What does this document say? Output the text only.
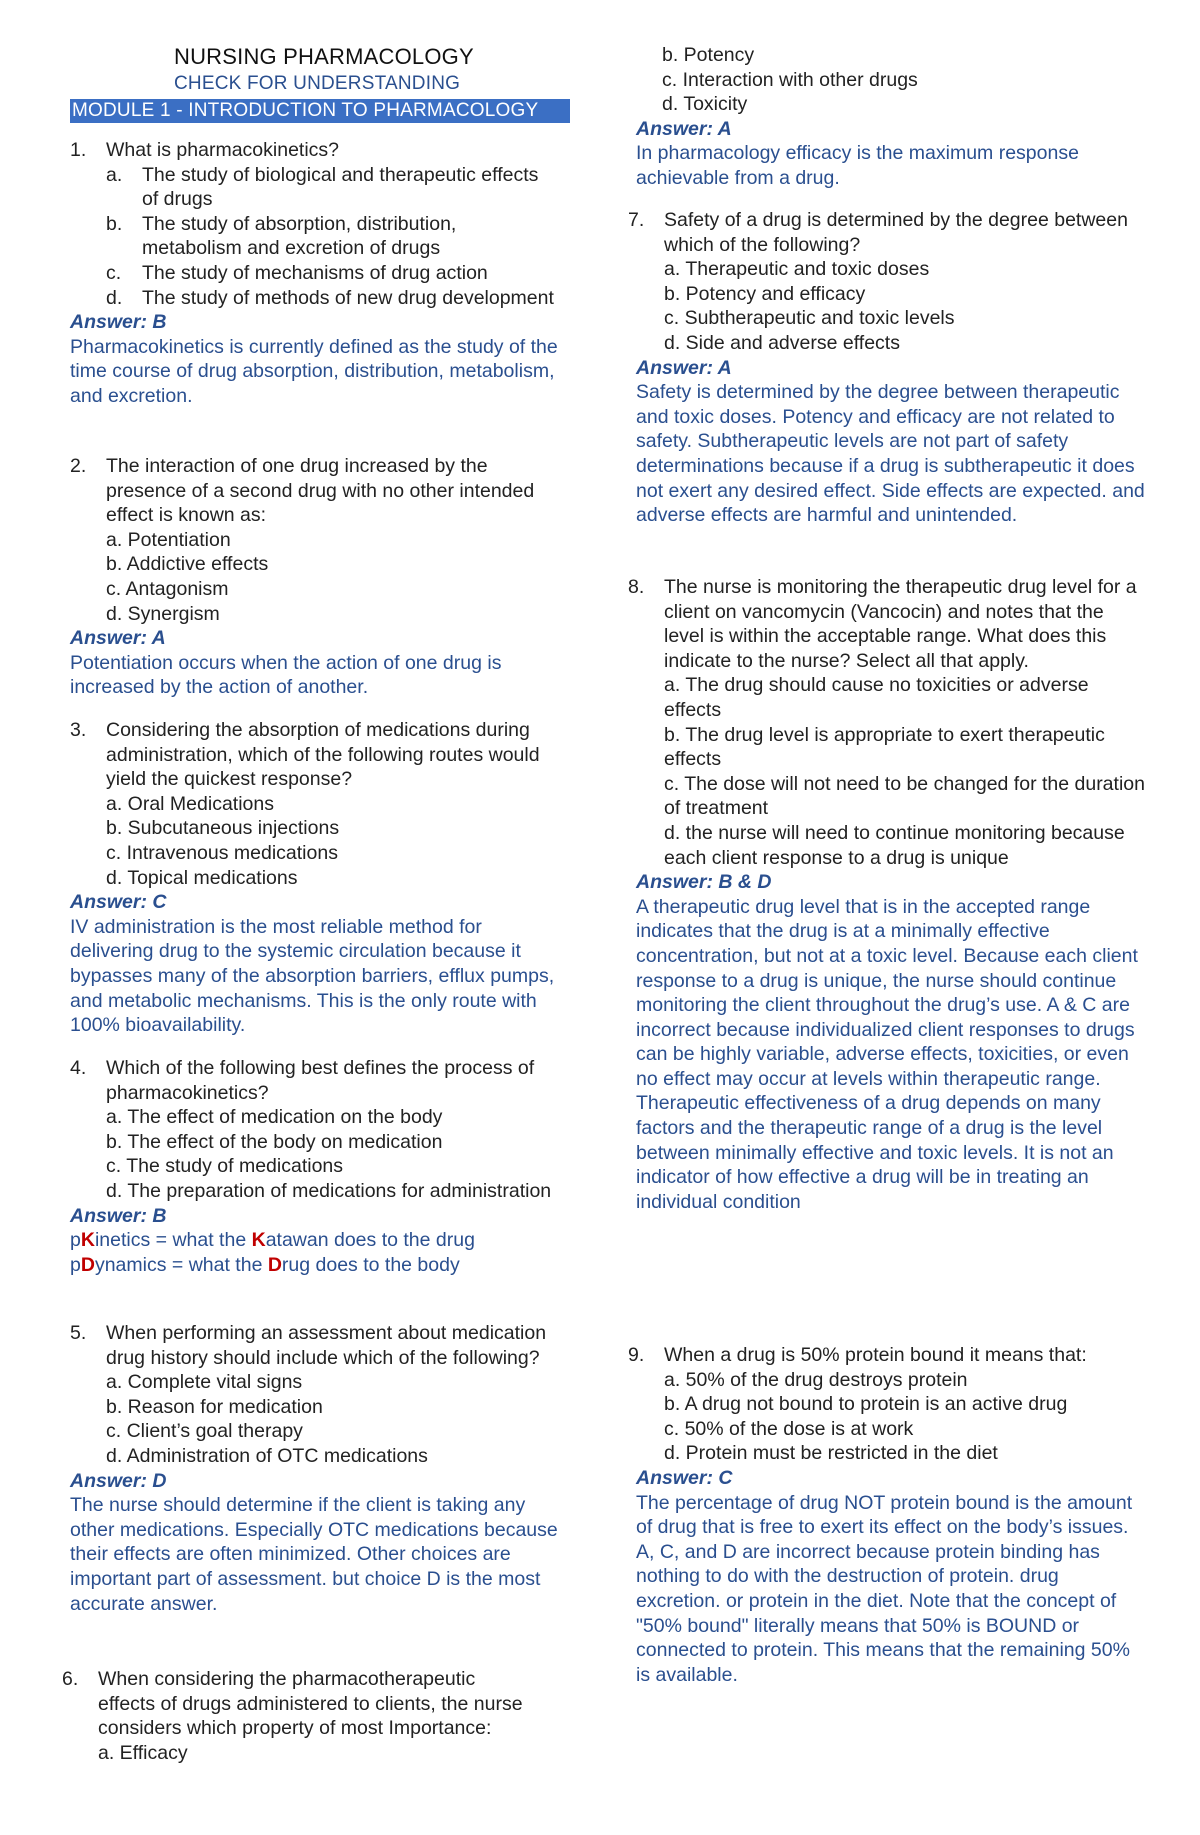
NURSING PHARMACOLOGY
CHECK FOR UNDERSTANDING
MODULE 1 - INTRODUCTION TO PHARMACOLOGY
1. What is pharmacokinetics?
a. The study of biological and therapeutic effects of drugs
b. The study of absorption, distribution, metabolism and excretion of drugs
c. The study of mechanisms of drug action
d. The study of methods of new drug development
Answer: B
Pharmacokinetics is currently defined as the study of the time course of drug absorption, distribution, metabolism, and excretion.
2. The interaction of one drug increased by the presence of a second drug with no other intended effect is known as:
a. Potentiation
b. Addictive effects
c. Antagonism
d. Synergism
Answer: A
Potentiation occurs when the action of one drug is increased by the action of another.
3. Considering the absorption of medications during administration, which of the following routes would yield the quickest response?
a. Oral Medications
b. Subcutaneous injections
c. Intravenous medications
d. Topical medications
Answer: C
IV administration is the most reliable method for delivering drug to the systemic circulation because it bypasses many of the absorption barriers, efflux pumps, and metabolic mechanisms. This is the only route with 100% bioavailability.
4. Which of the following best defines the process of pharmacokinetics?
a. The effect of medication on the body
b. The effect of the body on medication
c. The study of medications
d. The preparation of medications for administration
Answer: B
pKinetics = what the Katawan does to the drug
pDynamics = what the Drug does to the body
5. When performing an assessment about medication drug history should include which of the following?
a. Complete vital signs
b. Reason for medication
c. Client’s goal therapy
d. Administration of OTC medications
Answer: D
The nurse should determine if the client is taking any other medications. Especially OTC medications because their effects are often minimized. Other choices are important part of assessment. but choice D is the most accurate answer.
6. When considering the pharmacotherapeutic effects of drugs administered to clients, the nurse considers which property of most Importance:
a. Efficacy
b. Potency
c. Interaction with other drugs
d. Toxicity
Answer: A
In pharmacology efficacy is the maximum response achievable from a drug.
7. Safety of a drug is determined by the degree between which of the following?
a. Therapeutic and toxic doses
b. Potency and efficacy
c. Subtherapeutic and toxic levels
d. Side and adverse effects
Answer: A
Safety is determined by the degree between therapeutic and toxic doses. Potency and efficacy are not related to safety. Subtherapeutic levels are not part of safety determinations because if a drug is subtherapeutic it does not exert any desired effect. Side effects are expected. and adverse effects are harmful and unintended.
8. The nurse is monitoring the therapeutic drug level for a client on vancomycin (Vancocin) and notes that the level is within the acceptable range. What does this indicate to the nurse? Select all that apply.
a. The drug should cause no toxicities or adverse effects
b. The drug level is appropriate to exert therapeutic effects
c. The dose will not need to be changed for the duration of treatment
d. the nurse will need to continue monitoring because each client response to a drug is unique
Answer: B & D
A therapeutic drug level that is in the accepted range indicates that the drug is at a minimally effective concentration, but not at a toxic level. Because each client response to a drug is unique, the nurse should continue monitoring the client throughout the drug’s use. A & C are incorrect because individualized client responses to drugs can be highly variable, adverse effects, toxicities, or even no effect may occur at levels within therapeutic range. Therapeutic effectiveness of a drug depends on many factors and the therapeutic range of a drug is the level between minimally effective and toxic levels. It is not an indicator of how effective a drug will be in treating an individual condition
9. When a drug is 50% protein bound it means that:
a. 50% of the drug destroys protein
b. A drug not bound to protein is an active drug
c. 50% of the dose is at work
d. Protein must be restricted in the diet
Answer: C
The percentage of drug NOT protein bound is the amount of drug that is free to exert its effect on the body’s issues. A, C, and D are incorrect because protein binding has nothing to do with the destruction of protein. drug excretion. or protein in the diet. Note that the concept of "50% bound" literally means that 50% is BOUND or connected to protein. This means that the remaining 50% is available.
